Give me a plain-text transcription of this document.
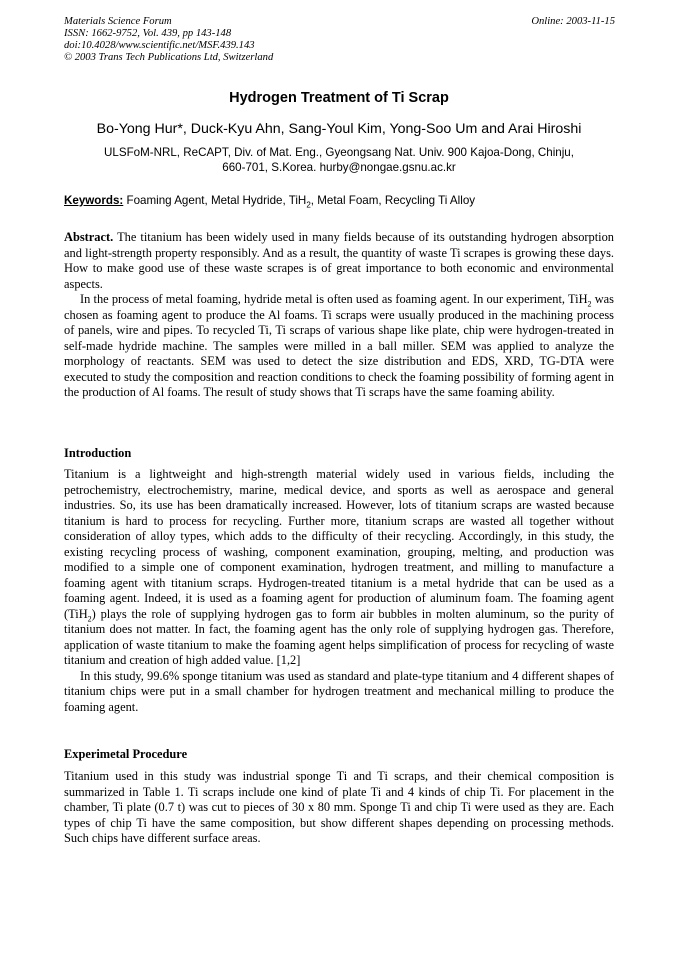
Materials Science Forum
ISSN: 1662-9752, Vol. 439, pp 143-148
doi:10.4028/www.scientific.net/MSF.439.143
© 2003 Trans Tech Publications Ltd, Switzerland
Online: 2003-11-15
Hydrogen Treatment of Ti Scrap
Bo-Yong Hur*, Duck-Kyu Ahn, Sang-Youl Kim, Yong-Soo Um and Arai Hiroshi
ULSFoM-NRL, ReCAPT, Div. of Mat. Eng., Gyeongsang Nat. Univ. 900 Kajoa-Dong, Chinju,
660-701, S.Korea. hurby@nongae.gsnu.ac.kr
Keywords: Foaming Agent, Metal Hydride, TiH$_2$, Metal Foam, Recycling Ti Alloy

Abstract. The titanium has been widely used in many fields because of its outstanding hydrogen absorption and light-strength property responsibly. And as a result, the quantity of waste Ti scrapes is growing these days. How to make good use of these waste scrapes is of great importance to both economic and environmental aspects.

In the process of metal foaming, hydride metal is often used as foaming agent. In our experiment, TiH$_2$ was chosen as foaming agent to produce the Al foams. Ti scraps were usually produced in the machining process of panels, wire and pipes. To recycled Ti, Ti scraps of various shape like plate, chip were hydrogen-treated in self-made hydride machine. The samples were milled in a ball miller. SEM was applied to analyze the morphology of reactants. SEM was used to detect the size distribution and EDS, XRD, TG-DTA were executed to study the composition and reaction conditions to check the foaming possibility of forming agent in the production of Al foams. The result of study shows that Ti scraps have the same foaming ability.

Introduction

Titanium is a lightweight and high-strength material widely used in various fields, including the petrochemistry, electrochemistry, marine, medical device, and sports as well as aerospace and general industries. So, its use has been dramatically increased. However, lots of titanium scraps are wasted because titanium is hard to process for recycling. Further more, titanium scraps are wasted all together without consideration of alloy types, which adds to the difficulty of their recycling. Accordingly, in this study, the existing recycling process of washing, component examination, grouping, melting, and production was modified to a simple one of component examination, hydrogen treatment, and milling to manufacture a foaming agent with titanium scraps. Hydrogen-treated titanium is a metal hydride that can be used as a foaming agent. Indeed, it is used as a foaming agent for production of aluminum foam. The foaming agent (TiH$_2$) plays the role of supplying hydrogen gas to form air bubbles in molten aluminum, so the purity of titanium does not matter. In fact, the foaming agent has the only role of supplying hydrogen gas. Therefore, application of waste titanium to make the foaming agent helps simplification of process for recycling of waste titanium and creation of high added value. [1,2]

In this study, 99.6% sponge titanium was used as standard and plate-type titanium and 4 different shapes of titanium chips were put in a small chamber for hydrogen treatment and mechanical milling to produce the foaming agent.

Experimetal Procedure

Titanium used in this study was industrial sponge Ti and Ti scraps, and their chemical composition is summarized in Table 1. Ti scraps include one kind of plate Ti and 4 kinds of chip Ti. For placement in the chamber, Ti plate (0.7 t) was cut to pieces of 30 x 80 mm. Sponge Ti and chip Ti were used as they are. Each types of chip Ti have the same composition, but show different shapes depending on processing methods. Such chips have different surface areas.
